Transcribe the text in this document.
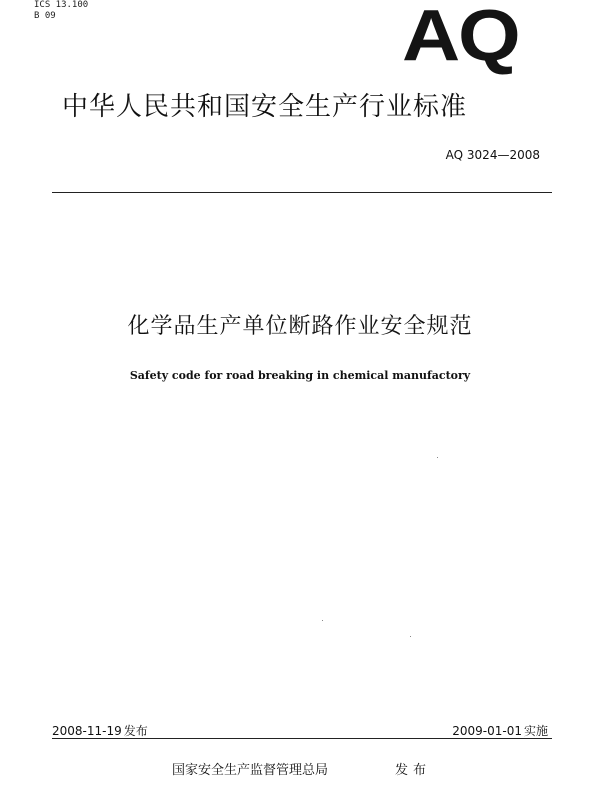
ICS 13.100
B 09	AQ
中华人民共和国安全生产行业标准
AQ 3024—2008
化学品生产单位断路作业安全规范
Safety code for road breaking in chemical manufactory
2008-11-19 发布	2009-01-01 实施
国家安全生产监督管理总局	发布
